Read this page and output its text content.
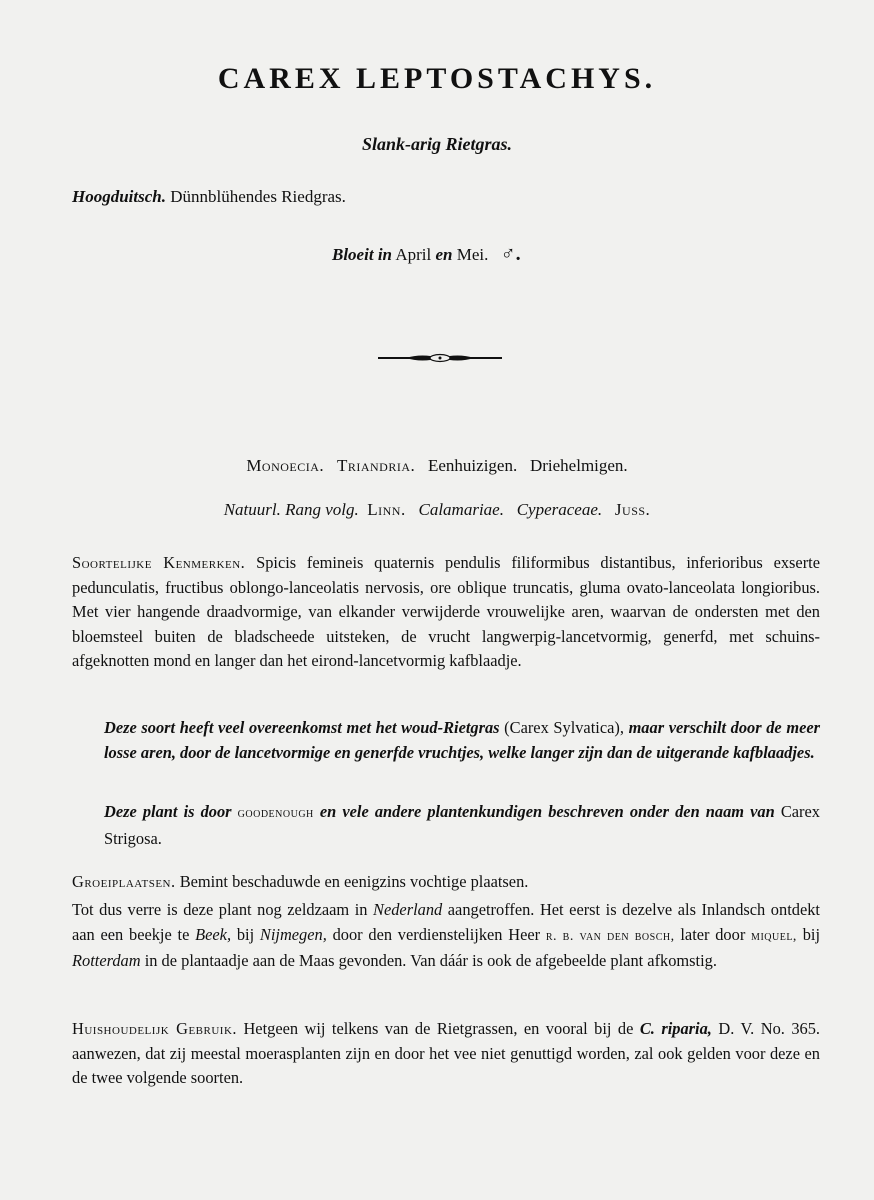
CAREX LEPTOSTACHYS.
Slank-arig Rietgras.
Hoogduitsch. Dünnblühendes Riedgras.
Bloeit in April en Mei. ♂.
Monoecia. Triandria. Eenhuizigen. Driehelmigen.
Natuurl. Rang volg. Linn. Calamariae. Cyperaceae. Juss.
Soortelijke Kenmerken. Spicis femineis quaternis pendulis filiformibus distantibus, inferioribus exserte pedunculatis, fructibus oblongo-lanceolatis nervosis, ore oblique truncatis, gluma ovato-lanceolata longioribus. Met vier hangende draadvormige, van elkander verwijderde vrouwelijke aren, waarvan de ondersten met den bloemsteel buiten de bladscheede uitsteken, de vrucht langwerpig-lancetvormig, generfd, met schuins-afgeknotten mond en langer dan het eirond-lancetvormig kafblaadje.
Deze soort heeft veel overeenkomst met het woud-Rietgras (Carex Sylvatica), maar verschilt door de meer losse aren, door de lancetvormige en generfde vruchtjes, welke langer zijn dan de uitgerande kafblaadjes.
Deze plant is door goodenough en vele andere plantenkundigen beschreven onder den naam van Carex Strigosa.
Groeiplaatsen. Bemint beschaduwde en eenigzins vochtige plaatsen.
Tot dus verre is deze plant nog zeldzaam in Nederland aangetroffen. Het eerst is dezelve als Inlandsch ontdekt aan een beekje te Beek, bij Nijmegen, door den verdienstelijken Heer r. b. van den bosch, later door miquel, bij Rotterdam in de plantaadje aan de Maas gevonden. Van dáár is ook de afgebeelde plant afkomstig.
Huishoudelijk Gebruik. Hetgeen wij telkens van de Rietgrassen, en vooral bij de C. riparia, D. V. No. 365. aanwezen, dat zij meestal moerasplanten zijn en door het vee niet genuttigd worden, zal ook gelden voor deze en de twee volgende soorten.
